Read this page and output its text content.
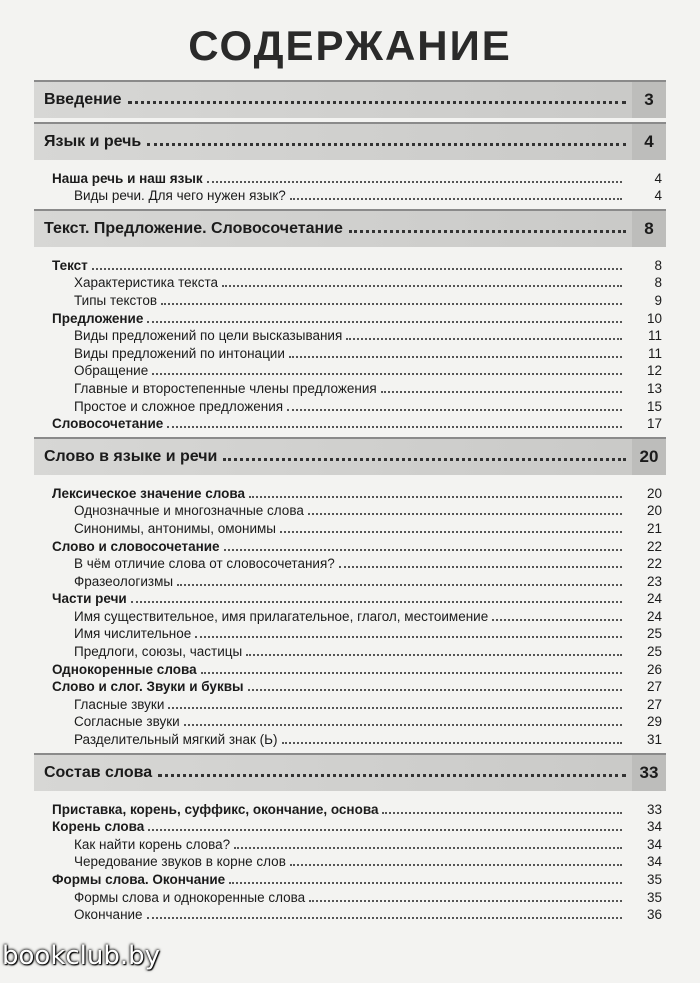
СОДЕРЖАНИЕ
Введение	3
Язык и речь	4
Наша речь и наш язык	4
Виды речи. Для чего нужен язык?	4
Текст. Предложение. Словосочетание	8
Текст	8
Характеристика текста	8
Типы текстов	9
Предложение	10
Виды предложений по цели высказывания	11
Виды предложений по интонации	11
Обращение	12
Главные и второстепенные члены предложения	13
Простое и сложное предложения	15
Словосочетание	17
Слово в языке и речи	20
Лексическое значение слова	20
Однозначные и многозначные слова	20
Синонимы, антонимы, омонимы	21
Слово и словосочетание	22
В чём отличие слова от словосочетания?	22
Фразеологизмы	23
Части речи	24
Имя существительное, имя прилагательное, глагол, местоимение	24
Имя числительное	25
Предлоги, союзы, частицы	25
Однокоренные слова	26
Слово и слог. Звуки и буквы	27
Гласные звуки	27
Согласные звуки	29
Разделительный мягкий знак (Ь)	31
Состав слова	33
Приставка, корень, суффикс, окончание, основа	33
Корень слова	34
Как найти корень слова?	34
Чередование звуков в корне слов	34
Формы слова. Окончание	35
Формы слова и однокоренные слова	35
Окончание	36
bookclub.by
